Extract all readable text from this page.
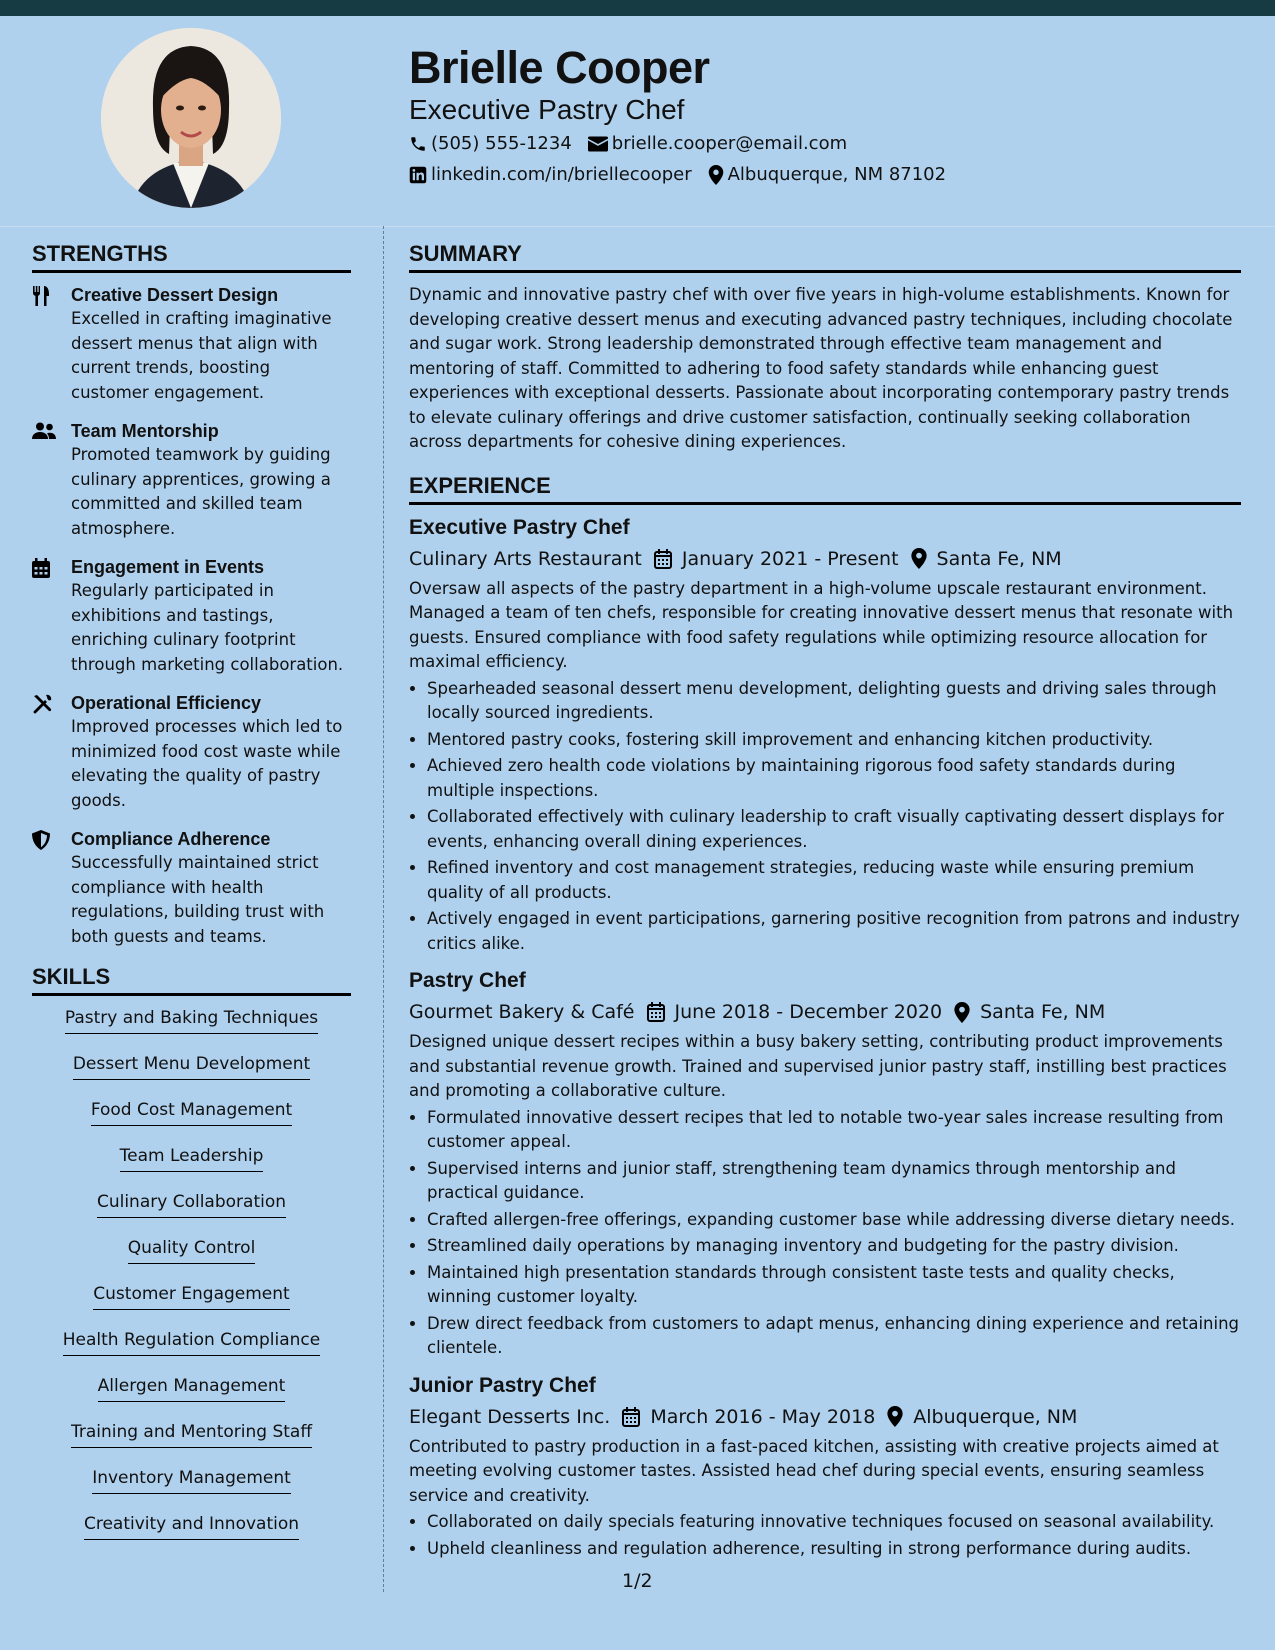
Brielle Cooper
Executive Pastry Chef
(505) 555-1234 brielle.cooper@email.com
linkedin.com/in/briellecooper Albuquerque, NM 87102
STRENGTHS
Creative Dessert Design
Excelled in crafting imaginative dessert menus that align with current trends, boosting customer engagement.
Team Mentorship
Promoted teamwork by guiding culinary apprentices, growing a committed and skilled team atmosphere.
Engagement in Events
Regularly participated in exhibitions and tastings, enriching culinary footprint through marketing collaboration.
Operational Efficiency
Improved processes which led to minimized food cost waste while elevating the quality of pastry goods.
Compliance Adherence
Successfully maintained strict compliance with health regulations, building trust with both guests and teams.
SKILLS
Pastry and Baking Techniques
Dessert Menu Development
Food Cost Management
Team Leadership
Culinary Collaboration
Quality Control
Customer Engagement
Health Regulation Compliance
Allergen Management
Training and Mentoring Staff
Inventory Management
Creativity and Innovation
SUMMARY
Dynamic and innovative pastry chef with over five years in high-volume establishments. Known for developing creative dessert menus and executing advanced pastry techniques, including chocolate and sugar work. Strong leadership demonstrated through effective team management and mentoring of staff. Committed to adhering to food safety standards while enhancing guest experiences with exceptional desserts. Passionate about incorporating contemporary pastry trends to elevate culinary offerings and drive customer satisfaction, continually seeking collaboration across departments for cohesive dining experiences.
EXPERIENCE
Executive Pastry Chef
Culinary Arts Restaurant January 2021 - Present Santa Fe, NM
Oversaw all aspects of the pastry department in a high-volume upscale restaurant environment. Managed a team of ten chefs, responsible for creating innovative dessert menus that resonate with guests. Ensured compliance with food safety regulations while optimizing resource allocation for maximal efficiency.
• Spearheaded seasonal dessert menu development, delighting guests and driving sales through locally sourced ingredients.
• Mentored pastry cooks, fostering skill improvement and enhancing kitchen productivity.
• Achieved zero health code violations by maintaining rigorous food safety standards during multiple inspections.
• Collaborated effectively with culinary leadership to craft visually captivating dessert displays for events, enhancing overall dining experiences.
• Refined inventory and cost management strategies, reducing waste while ensuring premium quality of all products.
• Actively engaged in event participations, garnering positive recognition from patrons and industry critics alike.
Pastry Chef
Gourmet Bakery & Café June 2018 - December 2020 Santa Fe, NM
Designed unique dessert recipes within a busy bakery setting, contributing product improvements and substantial revenue growth. Trained and supervised junior pastry staff, instilling best practices and promoting a collaborative culture.
• Formulated innovative dessert recipes that led to notable two-year sales increase resulting from customer appeal.
• Supervised interns and junior staff, strengthening team dynamics through mentorship and practical guidance.
• Crafted allergen-free offerings, expanding customer base while addressing diverse dietary needs.
• Streamlined daily operations by managing inventory and budgeting for the pastry division.
• Maintained high presentation standards through consistent taste tests and quality checks, winning customer loyalty.
• Drew direct feedback from customers to adapt menus, enhancing dining experience and retaining clientele.
Junior Pastry Chef
Elegant Desserts Inc. March 2016 - May 2018 Albuquerque, NM
Contributed to pastry production in a fast-paced kitchen, assisting with creative projects aimed at meeting evolving customer tastes. Assisted head chef during special events, ensuring seamless service and creativity.
• Collaborated on daily specials featuring innovative techniques focused on seasonal availability.
• Upheld cleanliness and regulation adherence, resulting in strong performance during audits.
1/2
